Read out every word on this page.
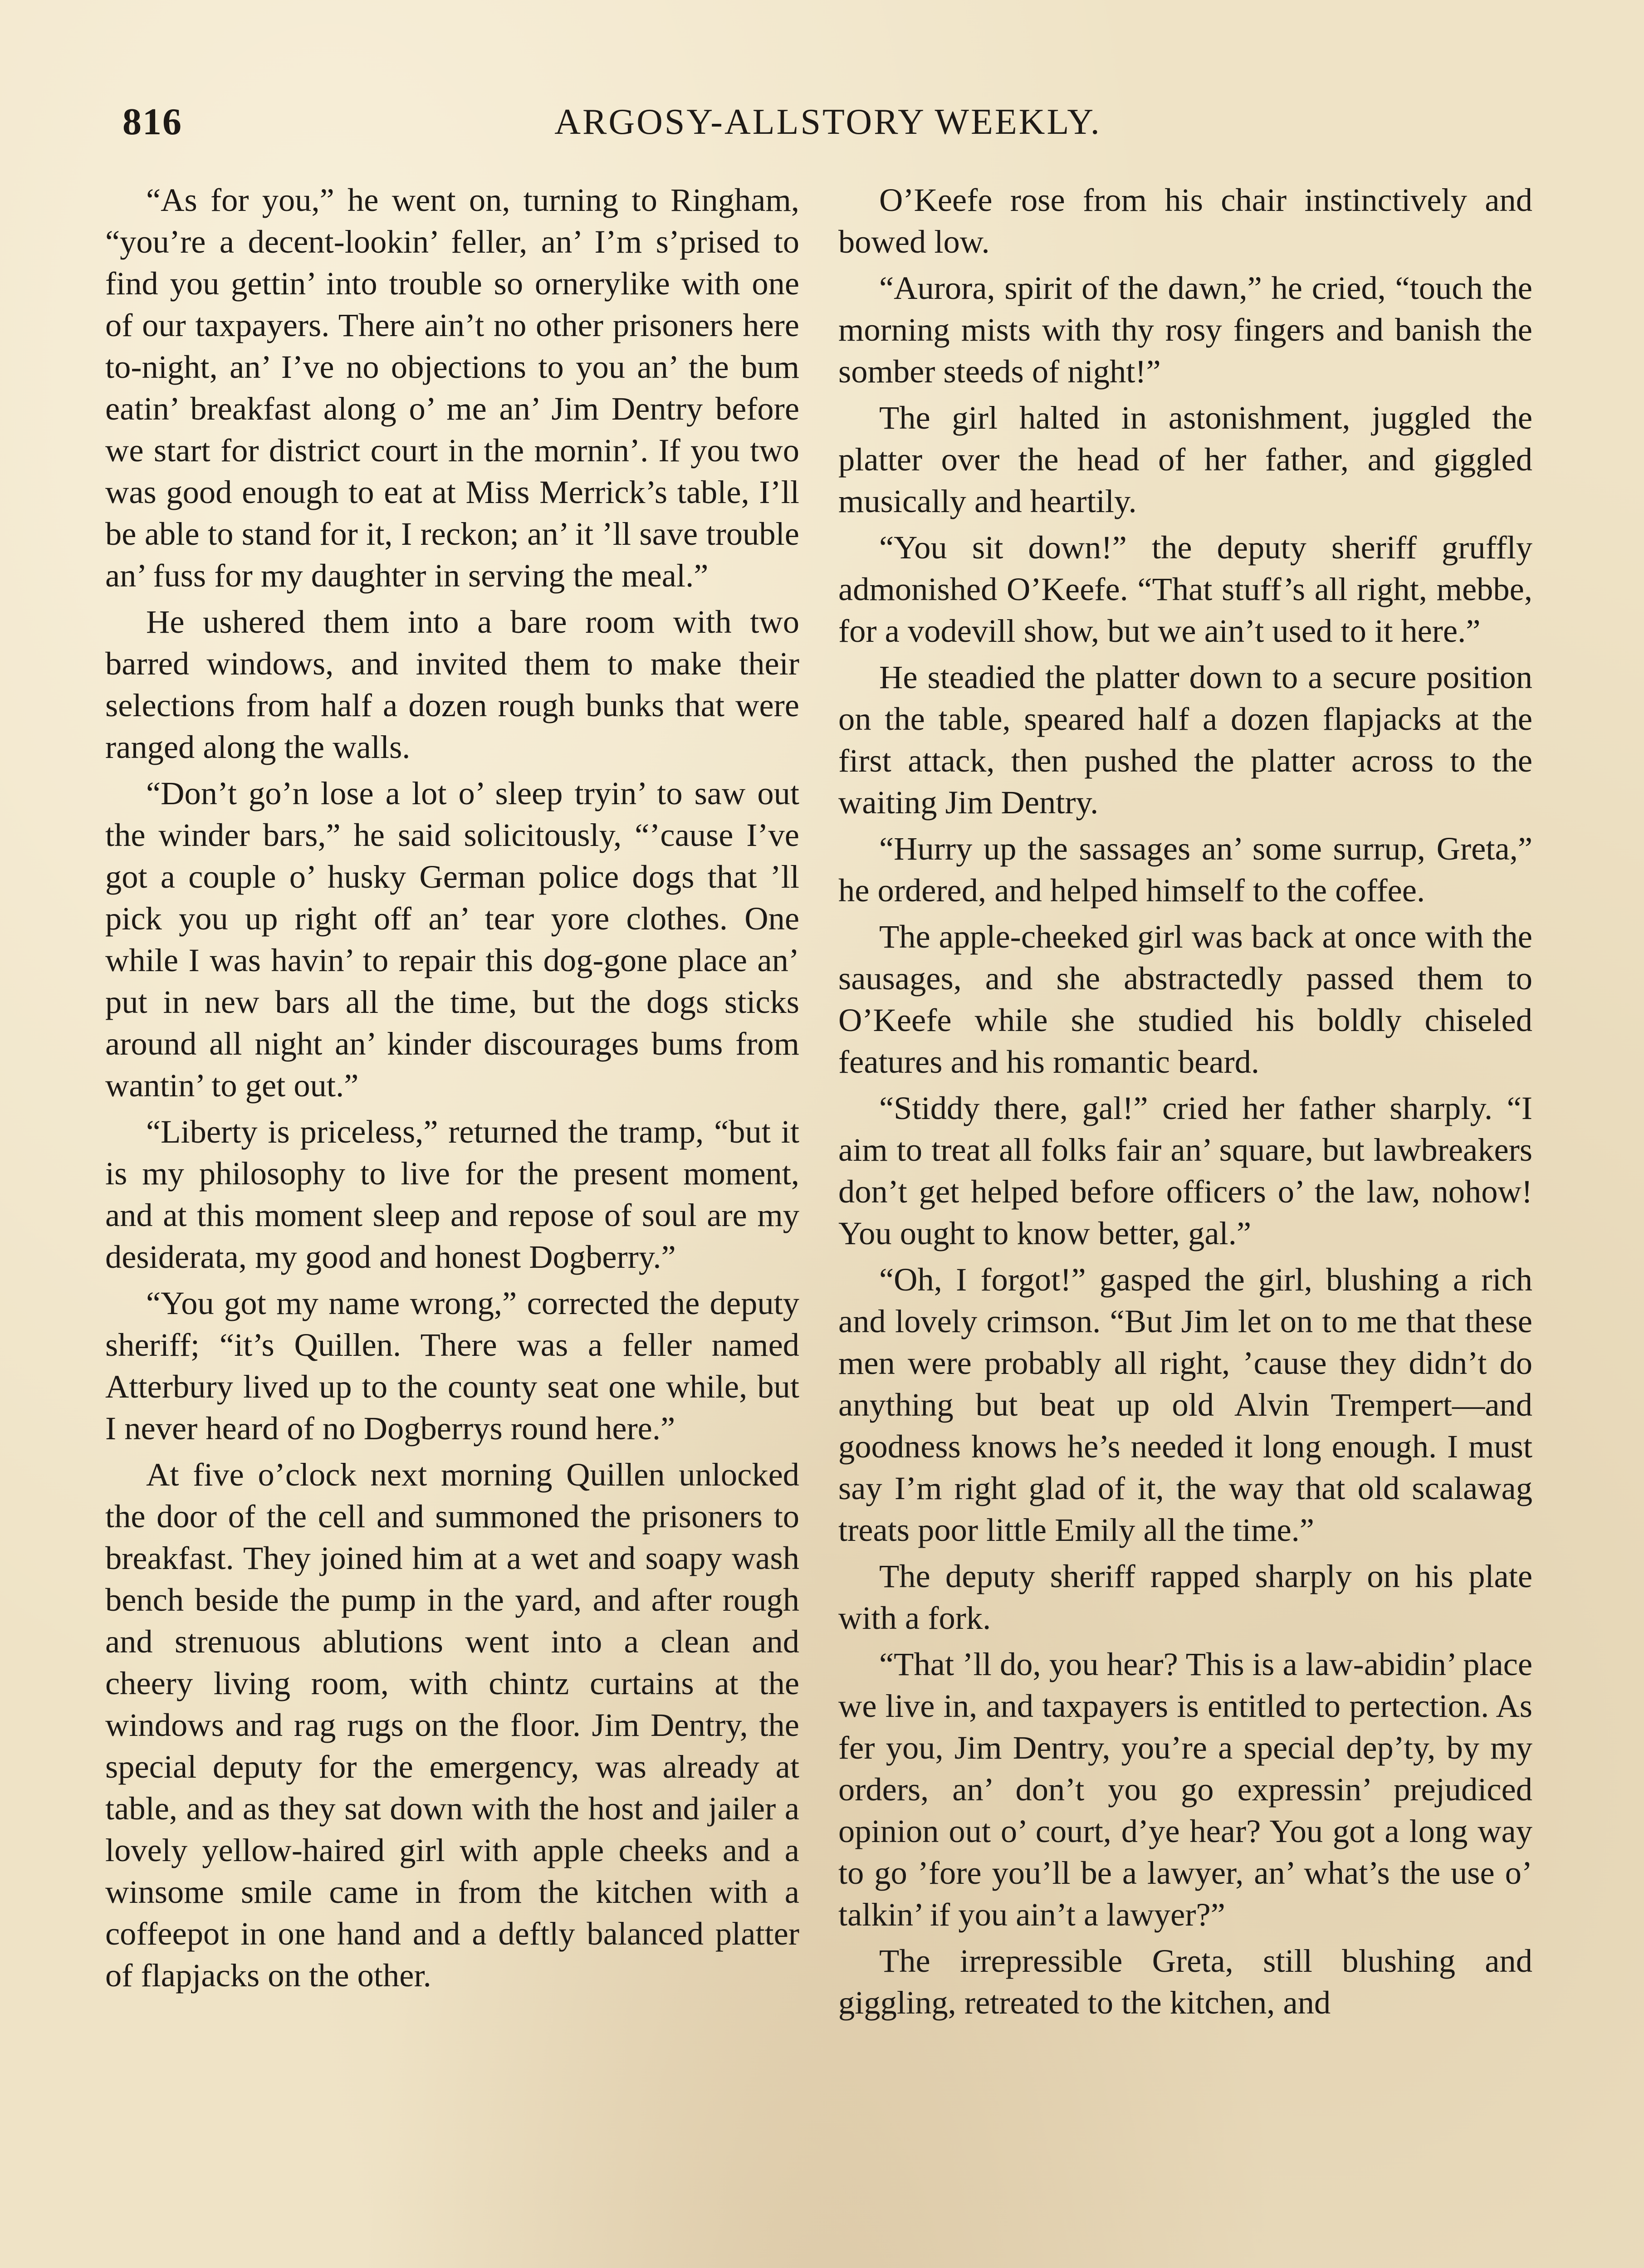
816	ARGOSY-ALLSTORY WEEKLY.

“As for you,” he went on, turning to Ringham, “you’re a decent-lookin’ feller, an’ I’m s’prised to find you gettin’ into trouble so ornerylike with one of our taxpayers. There ain’t no other prisoners here to-night, an’ I’ve no objections to you an’ the bum eatin’ breakfast along o’ me an’ Jim Dentry before we start for district court in the mornin’. If you two was good enough to eat at Miss Merrick’s table, I’ll be able to stand for it, I reckon; an’ it ’ll save trouble an’ fuss for my daughter in serving the meal.”

He ushered them into a bare room with two barred windows, and invited them to make their selections from half a dozen rough bunks that were ranged along the walls.

“Don’t go’n lose a lot o’ sleep tryin’ to saw out the winder bars,” he said solicitously, “’cause I’ve got a couple o’ husky German police dogs that ’ll pick you up right off an’ tear yore clothes. One while I was havin’ to repair this dog-gone place an’ put in new bars all the time, but the dogs sticks around all night an’ kinder discourages bums from wantin’ to get out.”

“Liberty is priceless,” returned the tramp, “but it is my philosophy to live for the present moment, and at this moment sleep and repose of soul are my desiderata, my good and honest Dogberry.”

“You got my name wrong,” corrected the deputy sheriff; “it’s Quillen. There was a feller named Atterbury lived up to the county seat one while, but I never heard of no Dogberrys round here.”

At five o’clock next morning Quillen unlocked the door of the cell and summoned the prisoners to breakfast. They joined him at a wet and soapy wash bench beside the pump in the yard, and after rough and strenuous ablutions went into a clean and cheery living room, with chintz curtains at the windows and rag rugs on the floor. Jim Dentry, the special deputy for the emergency, was already at table, and as they sat down with the host and jailer a lovely yellow-haired girl with apple cheeks and a winsome smile came in from the kitchen with a coffeepot in one hand and a deftly balanced platter of flapjacks on the other.

O’Keefe rose from his chair instinctively and bowed low.

“Aurora, spirit of the dawn,” he cried, “touch the morning mists with thy rosy fingers and banish the somber steeds of night!”

The girl halted in astonishment, juggled the platter over the head of her father, and giggled musically and heartily.

“You sit down!” the deputy sheriff gruffly admonished O’Keefe. “That stuff’s all right, mebbe, for a vodevill show, but we ain’t used to it here.”

He steadied the platter down to a secure position on the table, speared half a dozen flapjacks at the first attack, then pushed the platter across to the waiting Jim Dentry.

“Hurry up the sassages an’ some surrup, Greta,” he ordered, and helped himself to the coffee.

The apple-cheeked girl was back at once with the sausages, and she abstractedly passed them to O’Keefe while she studied his boldly chiseled features and his romantic beard.

“Stiddy there, gal!” cried her father sharply. “I aim to treat all folks fair an’ square, but lawbreakers don’t get helped before officers o’ the law, nohow! You ought to know better, gal.”

“Oh, I forgot!” gasped the girl, blushing a rich and lovely crimson. “But Jim let on to me that these men were probably all right, ’cause they didn’t do anything but beat up old Alvin Trempert—and goodness knows he’s needed it long enough. I must say I’m right glad of it, the way that old scalawag treats poor little Emily all the time.”

The deputy sheriff rapped sharply on his plate with a fork.

“That ’ll do, you hear? This is a law-abidin’ place we live in, and taxpayers is entitled to pertection. As fer you, Jim Dentry, you’re a special dep’ty, by my orders, an’ don’t you go expressin’ prejudiced opinion out o’ court, d’ye hear? You got a long way to go ’fore you’ll be a lawyer, an’ what’s the use o’ talkin’ if you ain’t a lawyer?”

The irrepressible Greta, still blushing and giggling, retreated to the kitchen, and
